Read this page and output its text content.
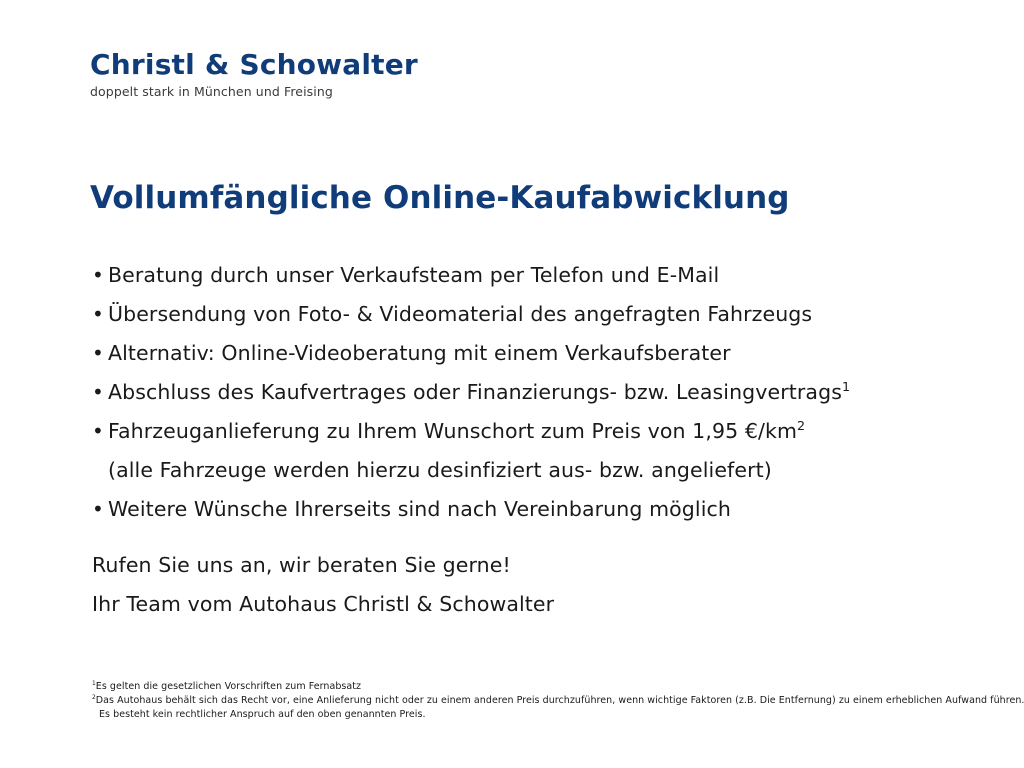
Christl & Schowalter
doppelt stark in München und Freising
Vollumfängliche Online-Kaufabwicklung
• Beratung durch unser Verkaufsteam per Telefon und E-Mail
• Übersendung von Foto- & Videomaterial des angefragten Fahrzeugs
• Alternativ: Online-Videoberatung mit einem Verkaufsberater
• Abschluss des Kaufvertrages oder Finanzierungs- bzw. Leasingvertrags$^1$
• Fahrzeuganlieferung zu Ihrem Wunschort zum Preis von 1,95 $€/km^2$
(alle Fahrzeuge werden hierzu desinfiziert aus- bzw. angeliefert)
• Weitere Wünsche Ihrerseits sind nach Vereinbarung möglich
Rufen Sie uns an, wir beraten Sie gerne!
Ihr Team vom Autohaus Christl & Schowalter
$^1$Es gelten die gesetzlichen Vorschriften zum Fernabsatz
$^2$Das Autohaus behält sich das Recht vor, eine Anlieferung nicht oder zu einem anderen Preis durchzuführen, wenn wichtige Faktoren (z.B. Die Entfernung) zu einem erheblichen Aufwand führen.
Es besteht kein rechtlicher Anspruch auf den oben genannten Preis.
